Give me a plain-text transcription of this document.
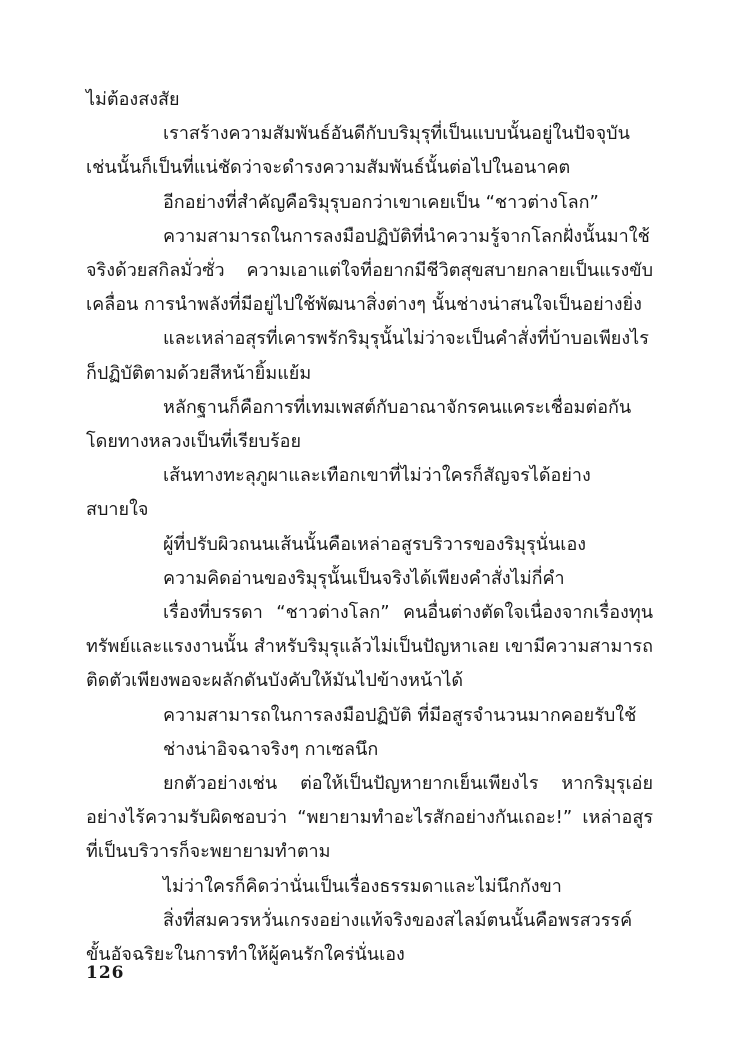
ไม่ต้องสงสัย

เราสร้างความสัมพันธ์อันดีกับบริมุรุที่เป็นแบบนั้นอยู่ในปัจจุบัน เช่นนั้นก็เป็นที่แน่ชัดว่าจะดำรงความสัมพันธ์นั้นต่อไปในอนาคต

อีกอย่างที่สำคัญคือริมุรุบอกว่าเขาเคยเป็น “ชาวต่างโลก”

ความสามารถในการลงมือปฏิบัติที่นำความรู้จากโลกฝั่งนั้นมาใช้จริงด้วยสกิลมั่วซั่ว ความเอาแต่ใจที่อยากมีชีวิตสุขสบายกลายเป็นแรงขับเคลื่อน การนำพลังที่มีอยู่ไปใช้พัฒนาสิ่งต่างๆ นั้นช่างน่าสนใจเป็นอย่างยิ่ง

และเหล่าอสุรที่เคารพรักริมุรุนั้นไม่ว่าจะเป็นคำสั่งที่บ้าบอเพียงไรก็ปฏิบัติตามด้วยสีหน้ายิ้มแย้ม

หลักฐานก็คือการที่เทมเพสต์กับอาณาจักรคนแคระเชื่อมต่อกันโดยทางหลวงเป็นที่เรียบร้อย

เส้นทางทะลุภูผาและเทือกเขาที่ไม่ว่าใครก็สัญจรได้อย่างสบายใจ

ผู้ที่ปรับผิวถนนเส้นนั้นคือเหล่าอสูรบริวารของริมุรุนั่นเอง

ความคิดอ่านของริมุรุนั้นเป็นจริงได้เพียงคำสั่งไม่กี่คำ

เรื่องที่บรรดา “ชาวต่างโลก” คนอื่นต่างตัดใจเนื่องจากเรื่องทุนทรัพย์และแรงงานนั้น สำหรับริมุรุแล้วไม่เป็นปัญหาเลย เขามีความสามารถติดตัวเพียงพอจะผลักดันบังคับให้มันไปข้างหน้าได้

ความสามารถในการลงมือปฏิบัติ ที่มีอสูรจำนวนมากคอยรับใช้

ช่างน่าอิจฉาจริงๆ กาเซลนึก

ยกตัวอย่างเช่น ต่อให้เป็นปัญหายากเย็นเพียงไร หากริมุรุเอ่ยอย่างไร้ความรับผิดชอบว่า “พยายามทำอะไรสักอย่างกันเถอะ!” เหล่าอสูรที่เป็นบริวารก็จะพยายามทำตาม

ไม่ว่าใครก็คิดว่านั่นเป็นเรื่องธรรมดาและไม่นึกกังขา

สิ่งที่สมควรหวั่นเกรงอย่างแท้จริงของสไลม์ตนนั้นคือพรสวรรค์ขั้นอัจฉริยะในการทำให้ผู้คนรักใคร่นั่นเอง

126
